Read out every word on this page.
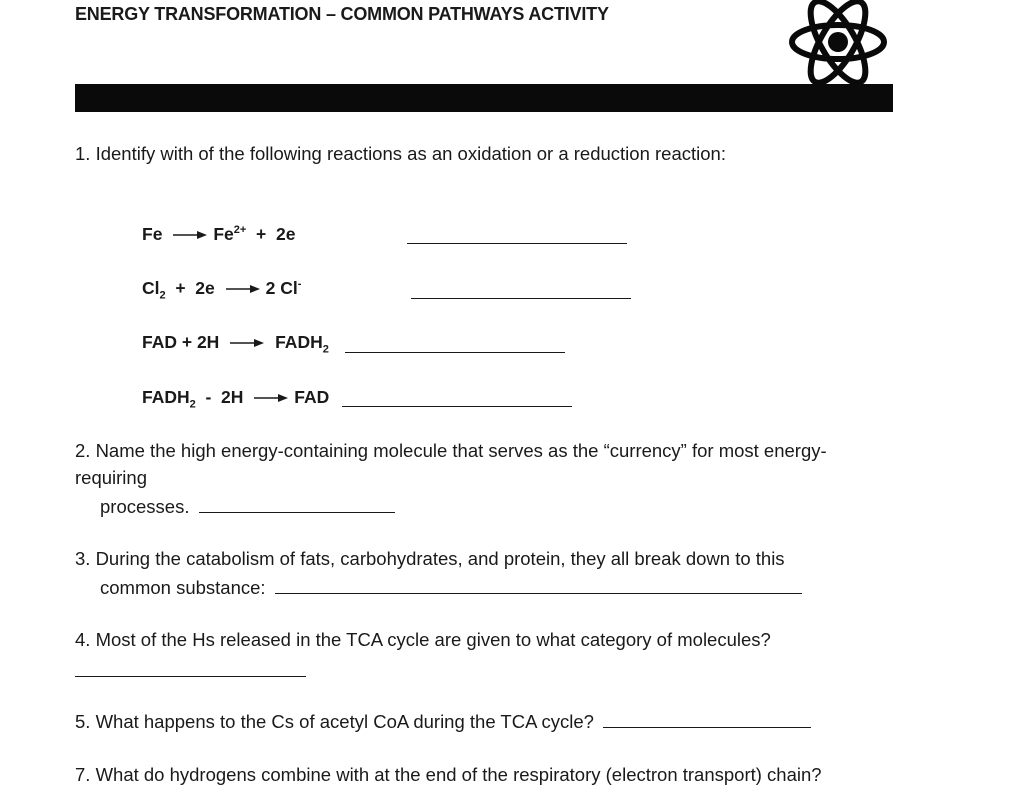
ENERGY TRANSFORMATION – COMMON PATHWAYS ACTIVITY
1. Identify with of the following reactions as an oxidation or a reduction reaction:
Fe	$Fe^{2+} + 2e$
$Cl_2 + 2e$	2 Cl-
FAD + 2H	$FADH_2$
$FADH_2 - 2H$	FAD
2. Name the high energy-containing molecule that serves as the “currency” for most energy-
requiring
processes.
3. During the catabolism of fats, carbohydrates, and protein, they all break down to this
common substance:
4. Most of the Hs released in the TCA cycle are given to what category of molecules?
5. What happens to the Cs of acetyl CoA during the TCA cycle?
7. What do hydrogens combine with at the end of the respiratory (electron transport) chain?
